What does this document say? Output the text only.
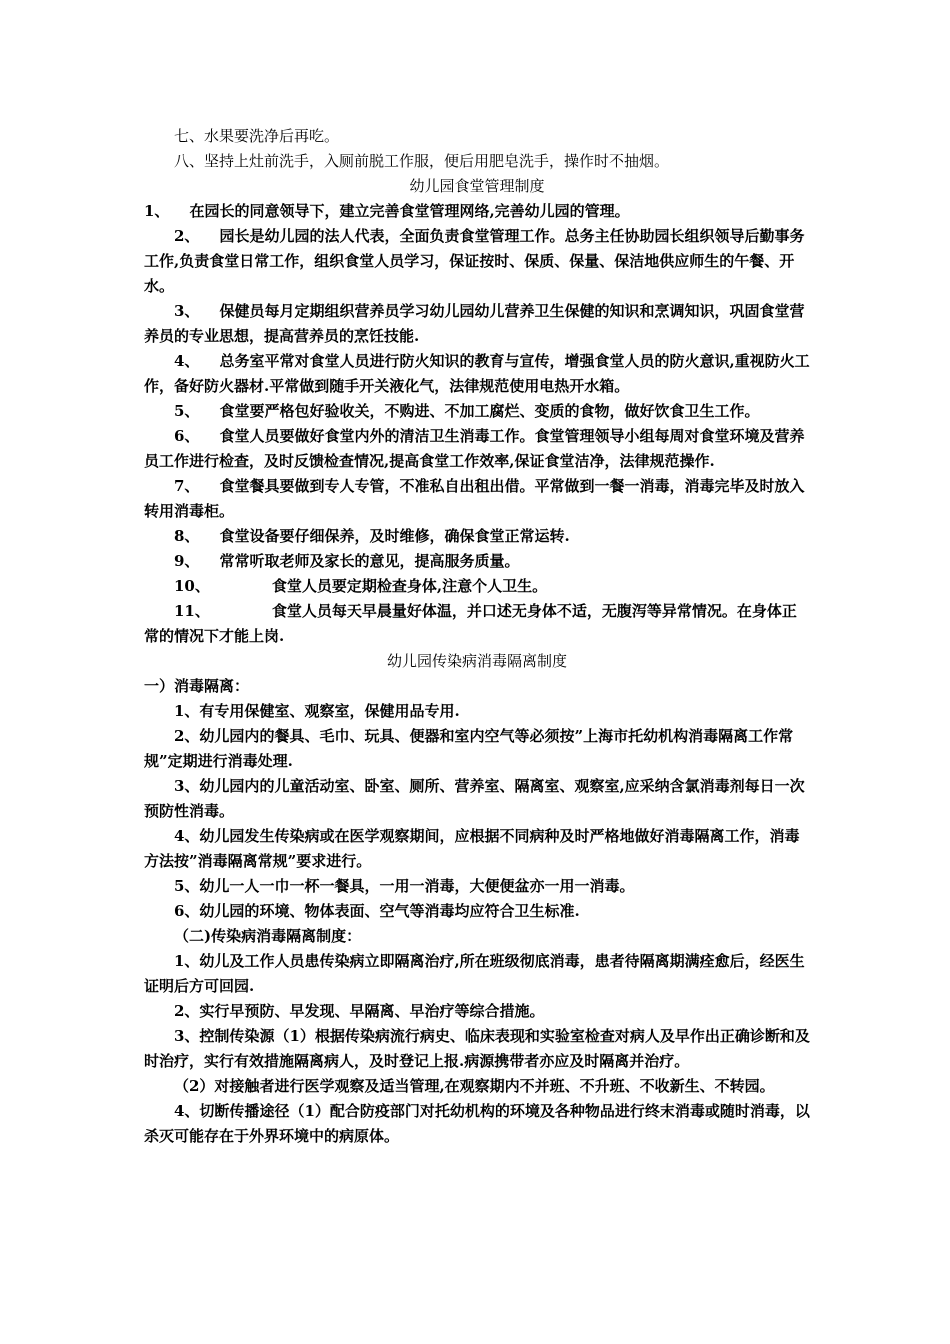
七、水果要洗净后再吃。

八、坚持上灶前洗手，入厕前脱工作服，便后用肥皂洗手，操作时不抽烟。

幼儿园食堂管理制度

1、 在园长的同意领导下，建立完善食堂管理网络,完善幼儿园的管理。

2、 园长是幼儿园的法人代表，全面负责食堂管理工作。总务主任协助园长组织领导后勤事务工作,负责食堂日常工作，组织食堂人员学习，保证按时、保质、保量、保洁地供应师生的午餐、开水。

3、 保健员每月定期组织营养员学习幼儿园幼儿营养卫生保健的知识和烹调知识，巩固食堂营养员的专业思想，提高营养员的烹饪技能.

4、 总务室平常对食堂人员进行防火知识的教育与宣传，增强食堂人员的防火意识,重视防火工作，备好防火器材.平常做到随手开关液化气，法律规范使用电热开水箱。

5、 食堂要严格包好验收关，不购进、不加工腐烂、变质的食物，做好饮食卫生工作。

6、 食堂人员要做好食堂内外的清洁卫生消毒工作。食堂管理领导小组每周对食堂环境及营养员工作进行检查，及时反馈检查情况,提高食堂工作效率,保证食堂洁净，法律规范操作.

7、 食堂餐具要做到专人专管，不准私自出租出借。平常做到一餐一消毒，消毒完毕及时放入转用消毒柜。

8、 食堂设备要仔细保养，及时维修，确保食堂正常运转.

9、 常常听取老师及家长的意见，提高服务质量。

10、	食堂人员要定期检查身体,注意个人卫生。

11、	食堂人员每天早晨量好体温，并口述无身体不适，无腹泻等异常情况。在身体正常的情况下才能上岗.

幼儿园传染病消毒隔离制度

一）消毒隔离：

1、有专用保健室、观察室，保健用品专用.

2、幼儿园内的餐具、毛巾、玩具、便器和室内空气等必须按”上海市托幼机构消毒隔离工作常规”定期进行消毒处理.

3、幼儿园内的儿童活动室、卧室、厕所、营养室、隔离室、观察室,应采纳含氯消毒剂每日一次预防性消毒。

4、幼儿园发生传染病或在医学观察期间，应根据不同病种及时严格地做好消毒隔离工作，消毒方法按”消毒隔离常规”要求进行。

5、幼儿一人一巾一杯一餐具，一用一消毒，大便便盆亦一用一消毒。

6、幼儿园的环境、物体表面、空气等消毒均应符合卫生标准.

（二)传染病消毒隔离制度：

1、幼儿及工作人员患传染病立即隔离治疗,所在班级彻底消毒，患者待隔离期满痊愈后，经医生证明后方可回园.

2、实行早预防、早发现、早隔离、早治疗等综合措施。

3、控制传染源（1）根据传染病流行病史、临床表现和实验室检查对病人及早作出正确诊断和及时治疗，实行有效措施隔离病人，及时登记上报.病源携带者亦应及时隔离并治疗。

（2）对接触者进行医学观察及适当管理,在观察期内不并班、不升班、不收新生、不转园。

4、切断传播途径（1）配合防疫部门对托幼机构的环境及各种物品进行终末消毒或随时消毒，以杀灭可能存在于外界环境中的病原体。
